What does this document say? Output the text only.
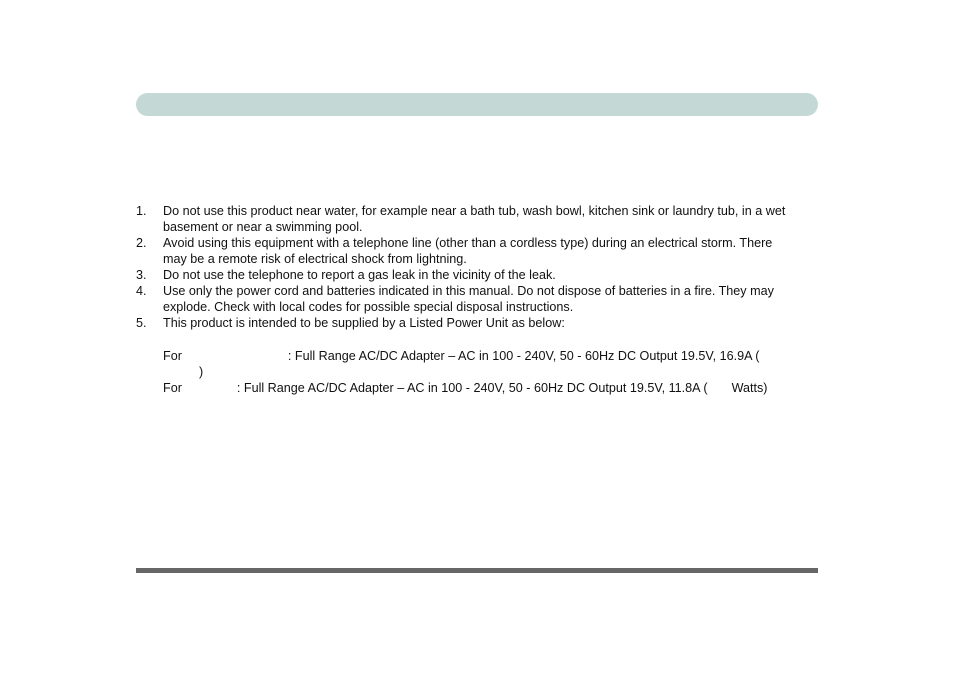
1. Do not use this product near water, for example near a bath tub, wash bowl, kitchen sink or laundry tub, in a wet
basement or near a swimming pool.
2. Avoid using this equipment with a telephone line (other than a cordless type) during an electrical storm. There
may be a remote risk of electrical shock from lightning.
3. Do not use the telephone to report a gas leak in the vicinity of the leak.
4. Use only the power cord and batteries indicated in this manual. Do not dispose of batteries in a fire. They may
explode. Check with local codes for possible special disposal instructions.
5. This product is intended to be supplied by a Listed Power Unit as below:
For	: Full Range AC/DC Adapter – AC in 100 - 240V, 50 - 60Hz DC Output 19.5V, 16.9A (
)
For	: Full Range AC/DC Adapter – AC in 100 - 240V, 50 - 60Hz DC Output 19.5V, 11.8A ( Watts)
